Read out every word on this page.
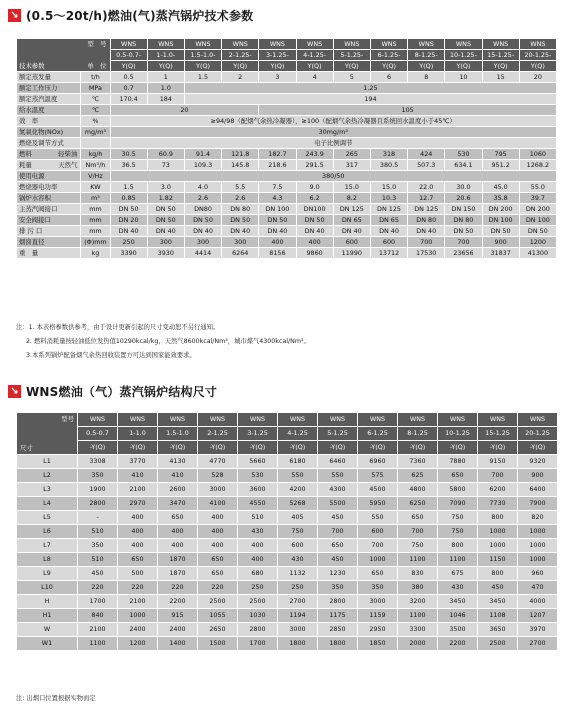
↘ (0.5～20t/h)燃油(气)蒸汽锅炉技术参数
型　号
技术参数 单　位		WNS	WNS	WNS	WNS	WNS	WNS	WNS	WNS	WNS	WNS	WNS	WNS
		0.5-0.7-	1-1.0-	1.5-1.0-	2-1.25-	3-1.25-	4-1.25-	5-1.25-	6-1.25-	8-1.25-	10-1.25-	15-1.25-	20-1.25-
		Y(Q)	Y(Q)	Y(Q)	Y(Q)	Y(Q)	Y(Q)	Y(Q)	Y(Q)	Y(Q)	Y(Q)	Y(Q)	Y(Q)
额定蒸发量	t/h	0.5	1	1.5	2	3	4	5	6	8	10	15	20
额定工作压力	MPa	0.7	1.0	1.25									
额定蒸汽温度	℃	170.4	184	194									
给水温度	℃	20				105							
效　率	%	≥94/98（配烟气余热冷凝器），≥100（配烟气余热冷凝器且系统回水温度小于45℃）											
氮氧化物(NOx)	mg/m³	30mg/m³											
燃烧及调节方式		电子比例调节											
燃料 轻柴油	kg/h	30.5	60.9	91.4	121.8	182.7	243.9	265	318	424	530	795	1060
耗量 天然气	Nm³/h	36.5	73	109.3	145.8	218.6	291.5	317	380.5	507.3	634.1	951.2	1268.2
使用电源	V/Hz	380/50											
燃烧器电功率	KW	1.5	3.0	4.0	5.5	7.5	9.0	15.0	15.0	22.0	30.0	45.0	55.0
锅炉水容积	m³	0.85	1.82	2.6	2.6	4.3	6.2	8.2	10.3	12.7	20.6	35.8	39.7
主蒸汽阀接口	mm	DN 50	DN 50	DN80	DN 80	DN 100	DN100	DN 125	DN 125	DN 125	DN 150	DN 200	DN 200
安全阀接口	mm	DN 20	DN 50	DN 50	DN 50	DN 50	DN 50	DN 65	DN 65	DN 80	DN 80	DN 100	DN 100
排 污 口	mm	DN 40	DN 40	DN 40	DN 40	DN 40	DN 40	DN 40	DN 40	DN 40	DN 50	DN 50	DN 50
烟囱直径	(Φ)mm	250	300	300	300	400	400	600	600	700	700	900	1200
重　量	kg	3390	3930	4414	6264	8156	9860	11990	13712	17530	23656	31837	41300
注：1. 本表格参数供参考，由于设计更新引起的尺寸变动恕不另行通知。
2. 燃料消耗量按轻油低位发热值10290kcal/kg，天然气8600kcal/Nm³，城市煤气4300kcal/Nm³。
3.本系列锅炉配备烟气余热回收装置方可达到国家能效要求。
↘ WNS燃油（气）蒸汽锅炉结构尺寸
型号
尺寸	WNS	WNS	WNS	WNS	WNS	WNS	WNS	WNS	WNS	WNS	WNS	WNS
	0.5-0.7	1-1.0	1.5-1.0	2-1.25	3-1.25	4-1.25	5-1.25	6-1.25	8-1.25	10-1.25	15-1.25	20-1.25
	-Y(Q)	-Y(Q)	-Y(Q)	-Y(Q)	-Y(Q)	-Y(Q)	-Y(Q)	-Y(Q)	-Y(Q)	-Y(Q)	-Y(Q)	-Y(Q)
L1	3308	3770	4130	4770	5660	6180	6460	6960	7360	7880	9150	9320
L2	350	410	410	528	530	550	550	575	625	650	700	900
L3	1900	2100	2600	3000	3600	4200	4300	4500	4800	5800	6200	6400
L4	2800	2970	3470	4100	4550	5268	5500	5950	6250	7090	7730	7900
L5	-	400	650	400	510	405	450	550	650	750	800	820
L6	510	400	400	400	430	750	700	600	700	750	1000	1000
L7	350	400	400	400	400	600	650	700	750	800	1000	1000
L8	510	650	1870	650	400	430	450	1000	1100	1100	1150	1000
L9	450	500	1870	650	680	1132	1230	650	830	675	800	960
L10	220	220	220	220	250	250	350	350	380	430	450	470
H	1700	2100	2200	2500	2500	2700	2800	3000	3200	3450	3450	4000
H1	840	1000	915	1055	1030	1194	1175	1159	1100	1046	1108	1207
W	2100	2400	2400	2650	2800	3000	2850	2950	3300	3500	3650	3970
W1	1100	1200	1400	1500	1700	1800	1800	1850	2000	2200	2500	2700
注: 出烟口位置根据实物而定
